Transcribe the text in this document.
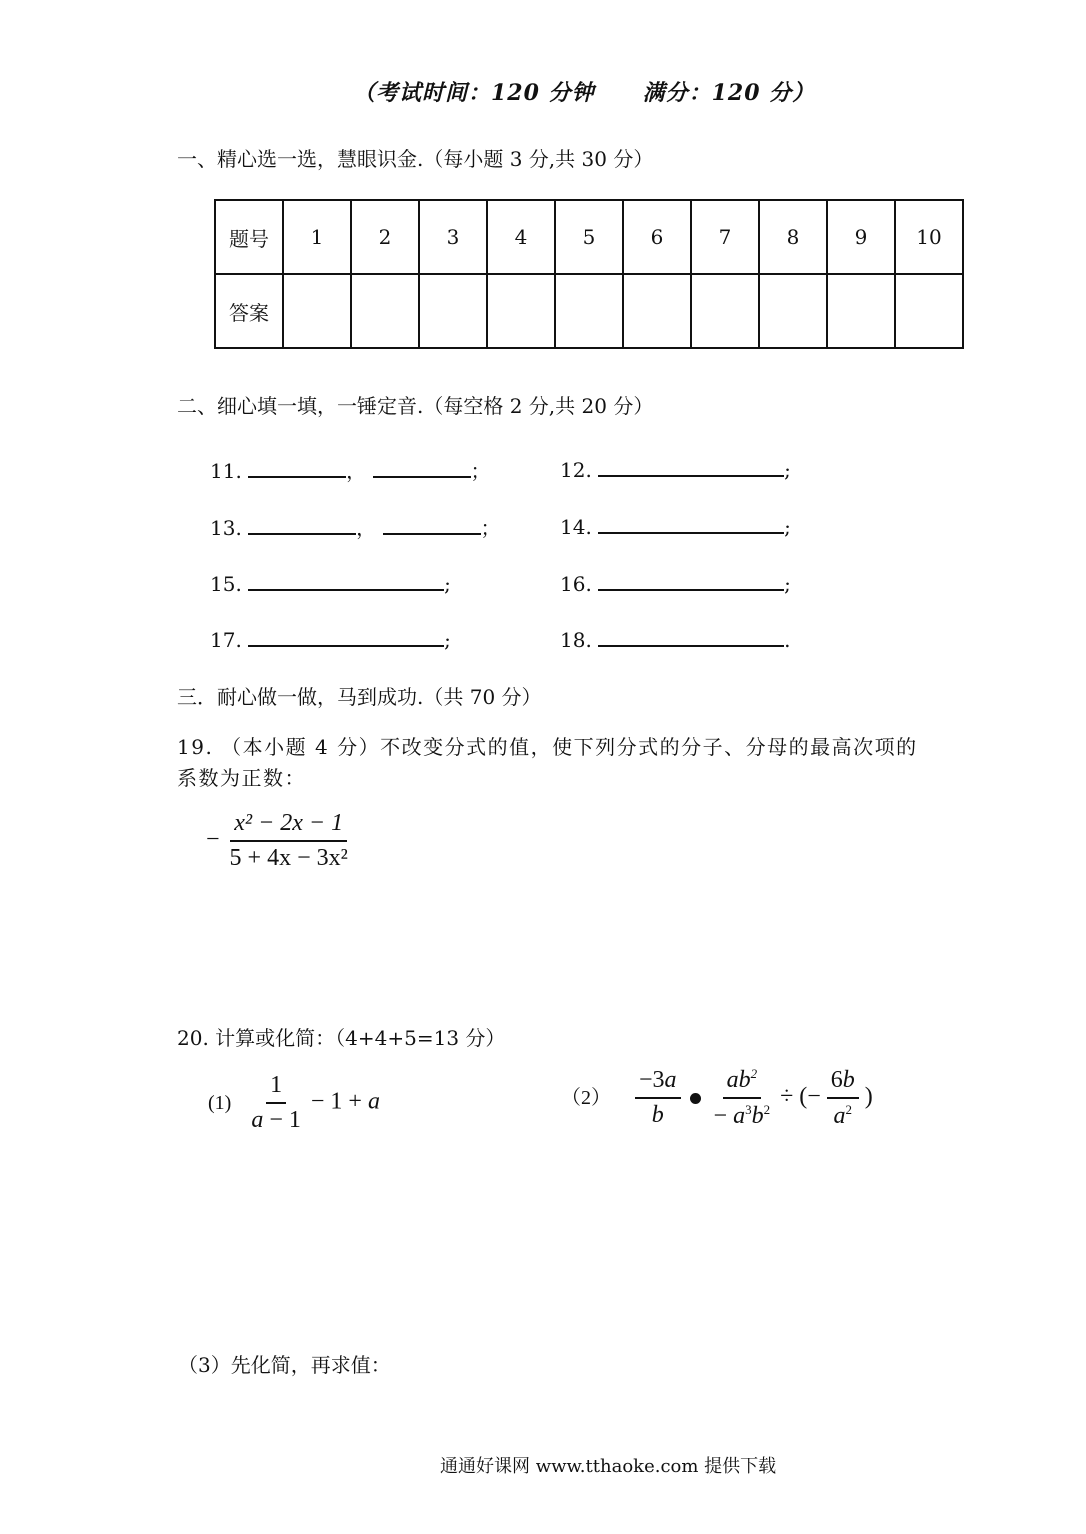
（考试时间：120 分钟 满分：120 分）
一、精心选一选，慧眼识金.（每小题 3 分,共 30 分）
题号	1	2	3	4	5	6	7	8	9	10
答案										
二、细心填一填，一锤定音.（每空格 2 分,共 20 分）
11.	，	；	12.	;
13.	，	；	14.	;
15.	;	16.	;
17.	;	18.	.
三．耐心做一做，马到成功.（共 70 分）
19. （本小题 4 分）不改变分式的值，使下列分式的分子、分母的最高次项的
系数为正数：
− $\frac{\text{x² − 2x − 1}}{\text{5 + 4x − 3x²}}$
20. 计算或化简：（4+4+5=13 分）
$(1) \frac{1}{a - 1} - 1 + a$	$(2) \frac{-3a}{b}$
$\frac{ab^2}{- a^3b^2}$ ÷ (− $\frac{6b}{a^2}$ )
（3）先化简，再求值：
通通好课网 www.tthaoke.com 提供下载
